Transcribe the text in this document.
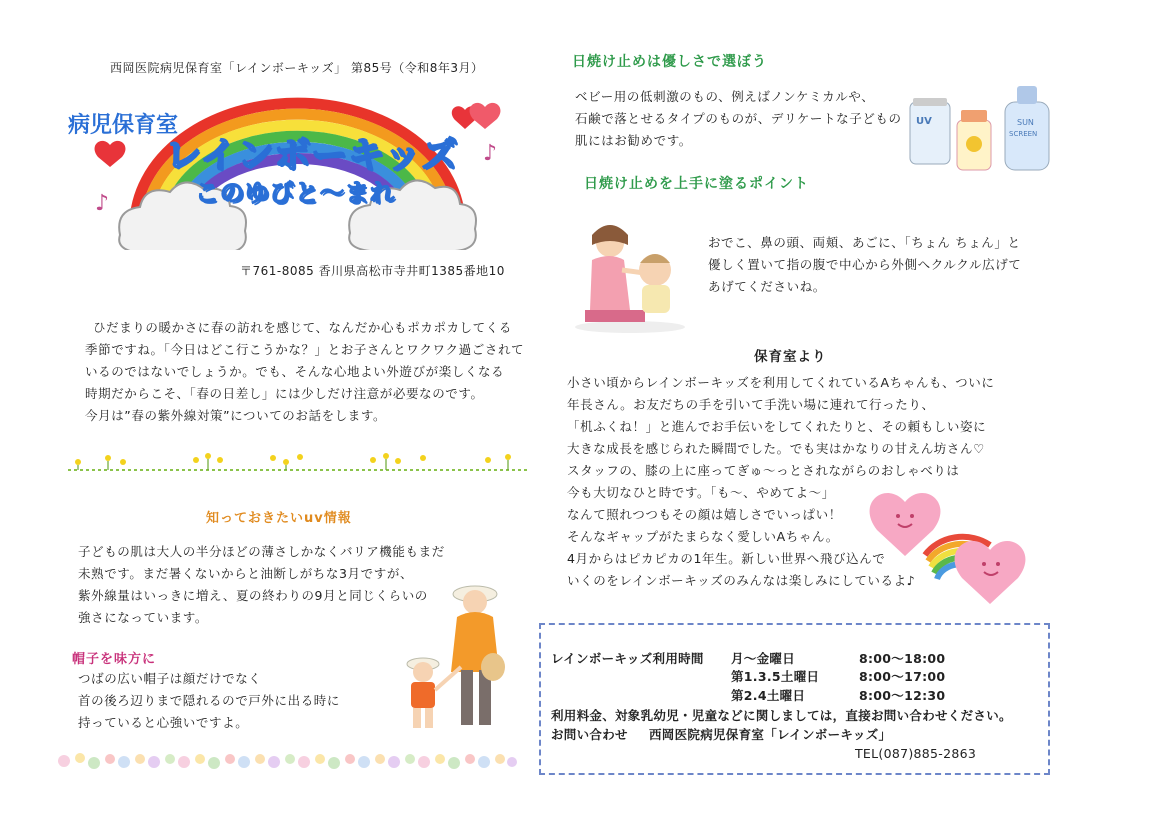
西岡医院病児保育室「レインボーキッズ」 第85号（令和8年3月）
♪
♪
病児保育室
レインボーキッズ
このゆびと～まれ
〒761-8085 香川県高松市寺井町1385番地10
ひだまりの暖かさに春の訪れを感じて、なんだか心もポカポカしてくる
季節ですね。「今日はどこ行こうかな？」とお子さんとワクワク過ごされて
いるのではないでしょうか。でも、そんな心地よい外遊びが楽しくなる
時期だからこそ、「春の日差し」には少しだけ注意が必要なのです。
今月は”春の紫外線対策”についてのお話をします。
知っておきたいuv情報
子どもの肌は大人の半分ほどの薄さしかなくバリア機能もまだ
未熟です。まだ暑くないからと油断しがちな3月ですが、
紫外線量はいっきに増え、夏の終わりの9月と同じくらいの
強さになっています。
帽子を味方に
つばの広い帽子は顔だけでなく
首の後ろ辺りまで隠れるので戸外に出る時に
持っていると心強いですよ。
日焼け止めは優しさで選ぼう
ベビー用の低刺激のもの、例えばノンケミカルや、
石鹸で落とせるタイプのものが、デリケートな子どもの
肌にはお勧めです。
UV	SUN
SCREEN
日焼け止めを上手に塗るポイント
おでこ、鼻の頭、両頬、あごに、「ちょん ちょん」と
優しく置いて指の腹で中心から外側へクルクル広げて
あげてくださいね。
保育室より
小さい頃からレインボーキッズを利用してくれているAちゃんも、ついに
年長さん。お友だちの手を引いて手洗い場に連れて行ったり、
「机ふくね！」と進んでお手伝いをしてくれたりと、その頼もしい姿に
大きな成長を感じられた瞬間でした。でも実はかなりの甘えん坊さん♡
スタッフの、膝の上に座ってぎゅ～っとされながらのおしゃべりは
今も大切なひと時です。「も～、やめてよ～」
なんて照れつつもその顔は嬉しさでいっぱい！
そんなギャップがたまらなく愛しいAちゃん。
4月からはピカピカの1年生。新しい世界へ飛び込んで
いくのをレインボーキッズのみんなは楽しみにしているよ♪
レインボーキッズ利用時間 月～金曜日	8:00～18:00
第1.3.5土曜日	8:00～17:00
第2.4土曜日	8:00～12:30
利用料金、対象乳幼児・児童などに関しましては，直接お問い合わせください。
お問い合わせ 西岡医院病児保育室「レインボーキッズ」
TEL(087)885-2863
